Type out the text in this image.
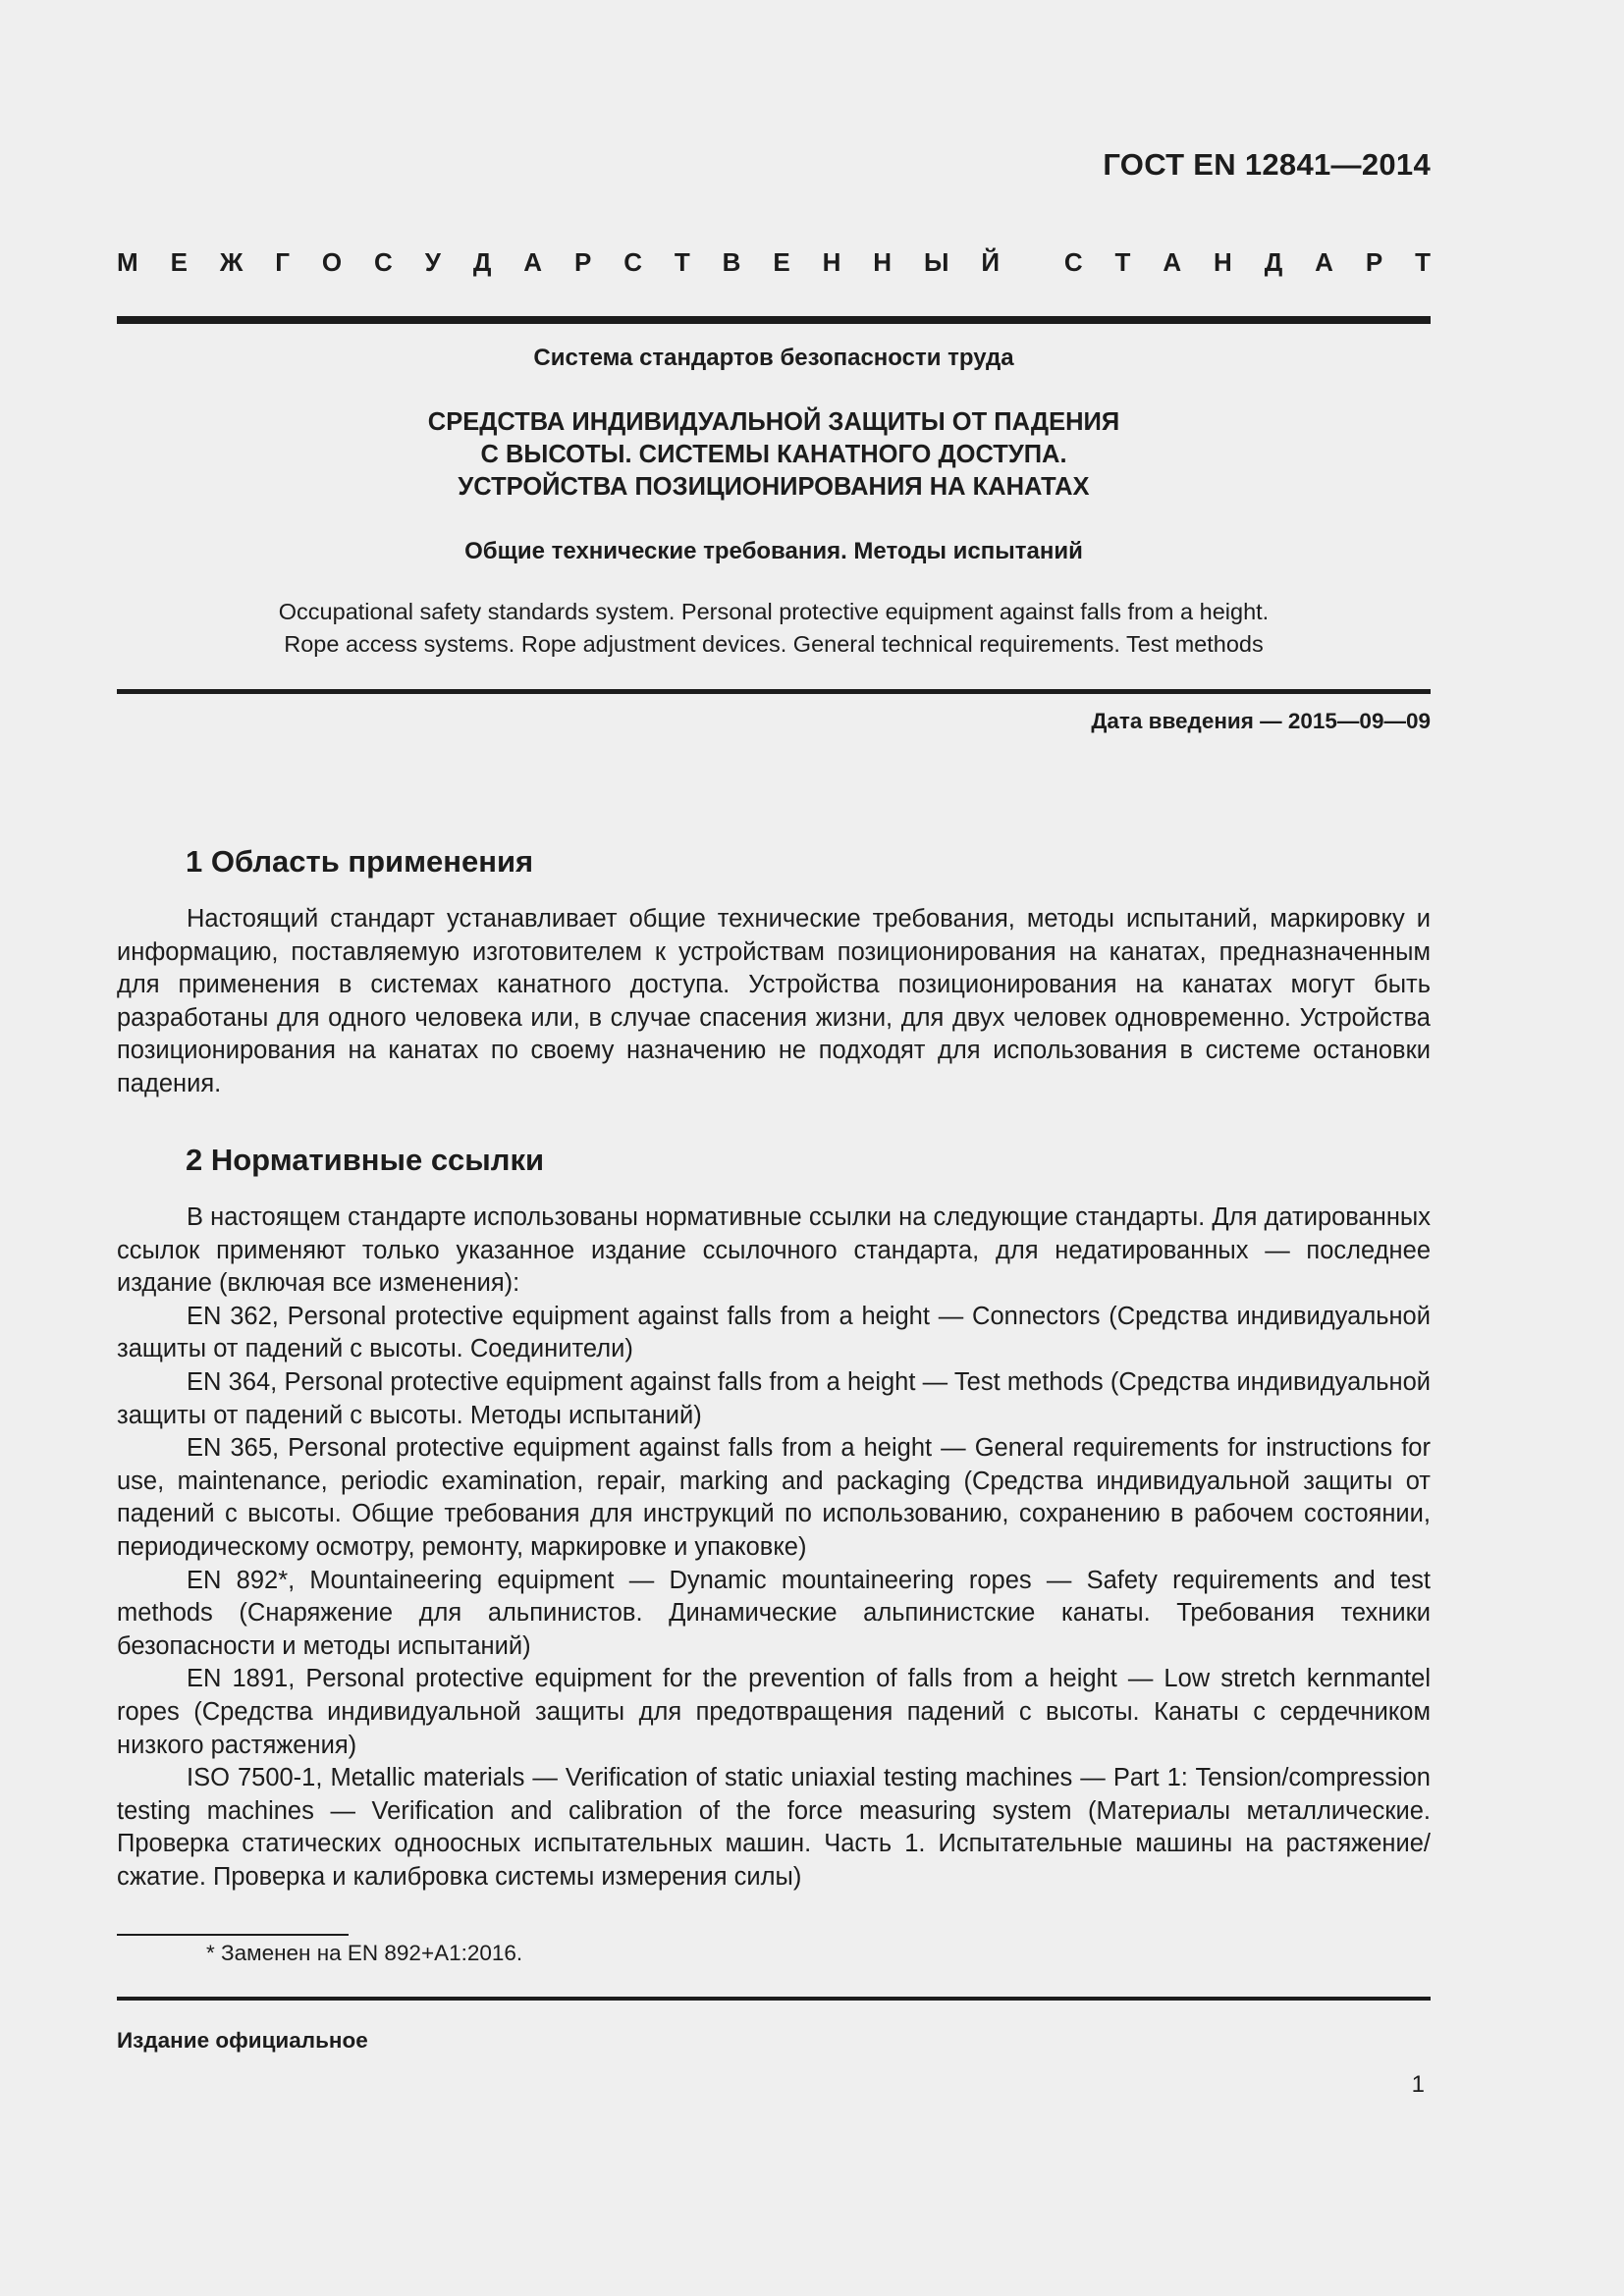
ГОСТ EN 12841—2014
М Е Ж Г О С У Д А Р С Т В Е Н Н Ы Й	С Т А Н Д А Р Т
Система стандартов безопасности труда
СРЕДСТВА ИНДИВИДУАЛЬНОЙ ЗАЩИТЫ ОТ ПАДЕНИЯ
С ВЫСОТЫ. СИСТЕМЫ КАНАТНОГО ДОСТУПА.
УСТРОЙСТВА ПОЗИЦИОНИРОВАНИЯ НА КАНАТАХ
Общие технические требования. Методы испытаний
Occupational safety standards system. Personal protective equipment against falls from a height.
Rope access systems. Rope adjustment devices. General technical requirements. Test methods
Дата введения — 2015—09—09
1 Область применения

Настоящий стандарт устанавливает общие технические требования, методы испытаний, маркировку и информацию, поставляемую изготовителем к устройствам позиционирования на канатах, предназначенным для применения в системах канатного доступа. Устройства позиционирования на канатах могут быть разработаны для одного человека или, в случае спасения жизни, для двух человек одновременно. Устройства позиционирования на канатах по своему назначению не подходят для использования в системе остановки падения.

2 Нормативные ссылки

В настоящем стандарте использованы нормативные ссылки на следующие стандарты. Для датированных ссылок применяют только указанное издание ссылочного стандарта, для недатированных — последнее издание (включая все изменения):

EN 362, Personal protective equipment against falls from a height — Connectors (Средства индивидуальной защиты от падений с высоты. Соединители)

EN 364, Personal protective equipment against falls from a height — Test methods (Средства индивидуальной защиты от падений с высоты. Методы испытаний)

EN 365, Personal protective equipment against falls from a height — General requirements for instructions for use, maintenance, periodic examination, repair, marking and packaging (Средства индивидуальной защиты от падений с высоты. Общие требования для инструкций по использованию, сохранению в рабочем состоянии, периодическому осмотру, ремонту, маркировке и упаковке)

EN 892*, Mountaineering equipment — Dynamic mountaineering ropes — Safety requirements and test methods (Снаряжение для альпинистов. Динамические альпинистские канаты. Требования техники безопасности и методы испытаний)

EN 1891, Personal protective equipment for the prevention of falls from a height — Low stretch kernmantel ropes (Средства индивидуальной защиты для предотвращения падений с высоты. Канаты с сердечником низкого растяжения)

ISO 7500-1, Metallic materials — Verification of static uniaxial testing machines — Part 1: Tension/compression testing machines — Verification and calibration of the force measuring system (Материалы металлические. Проверка статических одноосных испытательных машин. Часть 1. Испытательные машины на растяжение/сжатие. Проверка и калибровка системы измерения силы)

* Заменен на EN 892+A1:2016.
Издание официальное
1
